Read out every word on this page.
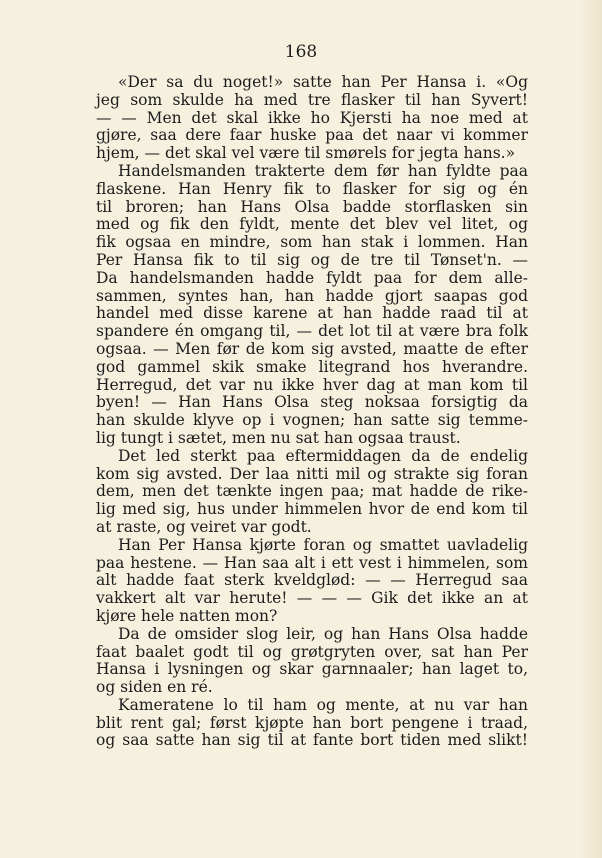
168

«Der sa du noget!» satte han Per Hansa i. «Og

jeg som skulde ha med tre flasker til han Syvert!

— — Men det skal ikke ho Kjersti ha noe med at

gjøre, saa dere faar huske paa det naar vi kommer

hjem, — det skal vel være til smørels for jegta hans.»

Handelsmanden trakterte dem før han fyldte paa

flaskene. Han Henry fik to flasker for sig og én

til broren; han Hans Olsa badde storflasken sin

med og fik den fyldt, mente det blev vel litet, og

fik ogsaa en mindre, som han stak i lommen. Han

Per Hansa fik to til sig og de tre til Tønset'n. —

Da handelsmanden hadde fyldt paa for dem alle-

sammen, syntes han, han hadde gjort saapas god

handel med disse karene at han hadde raad til at

spandere én omgang til, — det lot til at være bra folk

ogsaa. — Men før de kom sig avsted, maatte de efter

god gammel skik smake litegrand hos hverandre.

Herregud, det var nu ikke hver dag at man kom til

byen! — Han Hans Olsa steg noksaa forsigtig da

han skulde klyve op i vognen; han satte sig temme-

lig tungt i sætet, men nu sat han ogsaa traust.

Det led sterkt paa eftermiddagen da de endelig

kom sig avsted. Der laa nitti mil og strakte sig foran

dem, men det tænkte ingen paa; mat hadde de rike-

lig med sig, hus under himmelen hvor de end kom til

at raste, og veiret var godt.

Han Per Hansa kjørte foran og smattet uavladelig

paa hestene. — Han saa alt i ett vest i himmelen, som

alt hadde faat sterk kveldglød: — — Herregud saa

vakkert alt var herute! — — — Gik det ikke an at

kjøre hele natten mon?

Da de omsider slog leir, og han Hans Olsa hadde

faat baalet godt til og grøtgryten over, sat han Per

Hansa i lysningen og skar garnnaaler; han laget to,

og siden en ré.

Kameratene lo til ham og mente, at nu var han

blit rent gal; først kjøpte han bort pengene i traad,

og saa satte han sig til at fante bort tiden med slikt!
